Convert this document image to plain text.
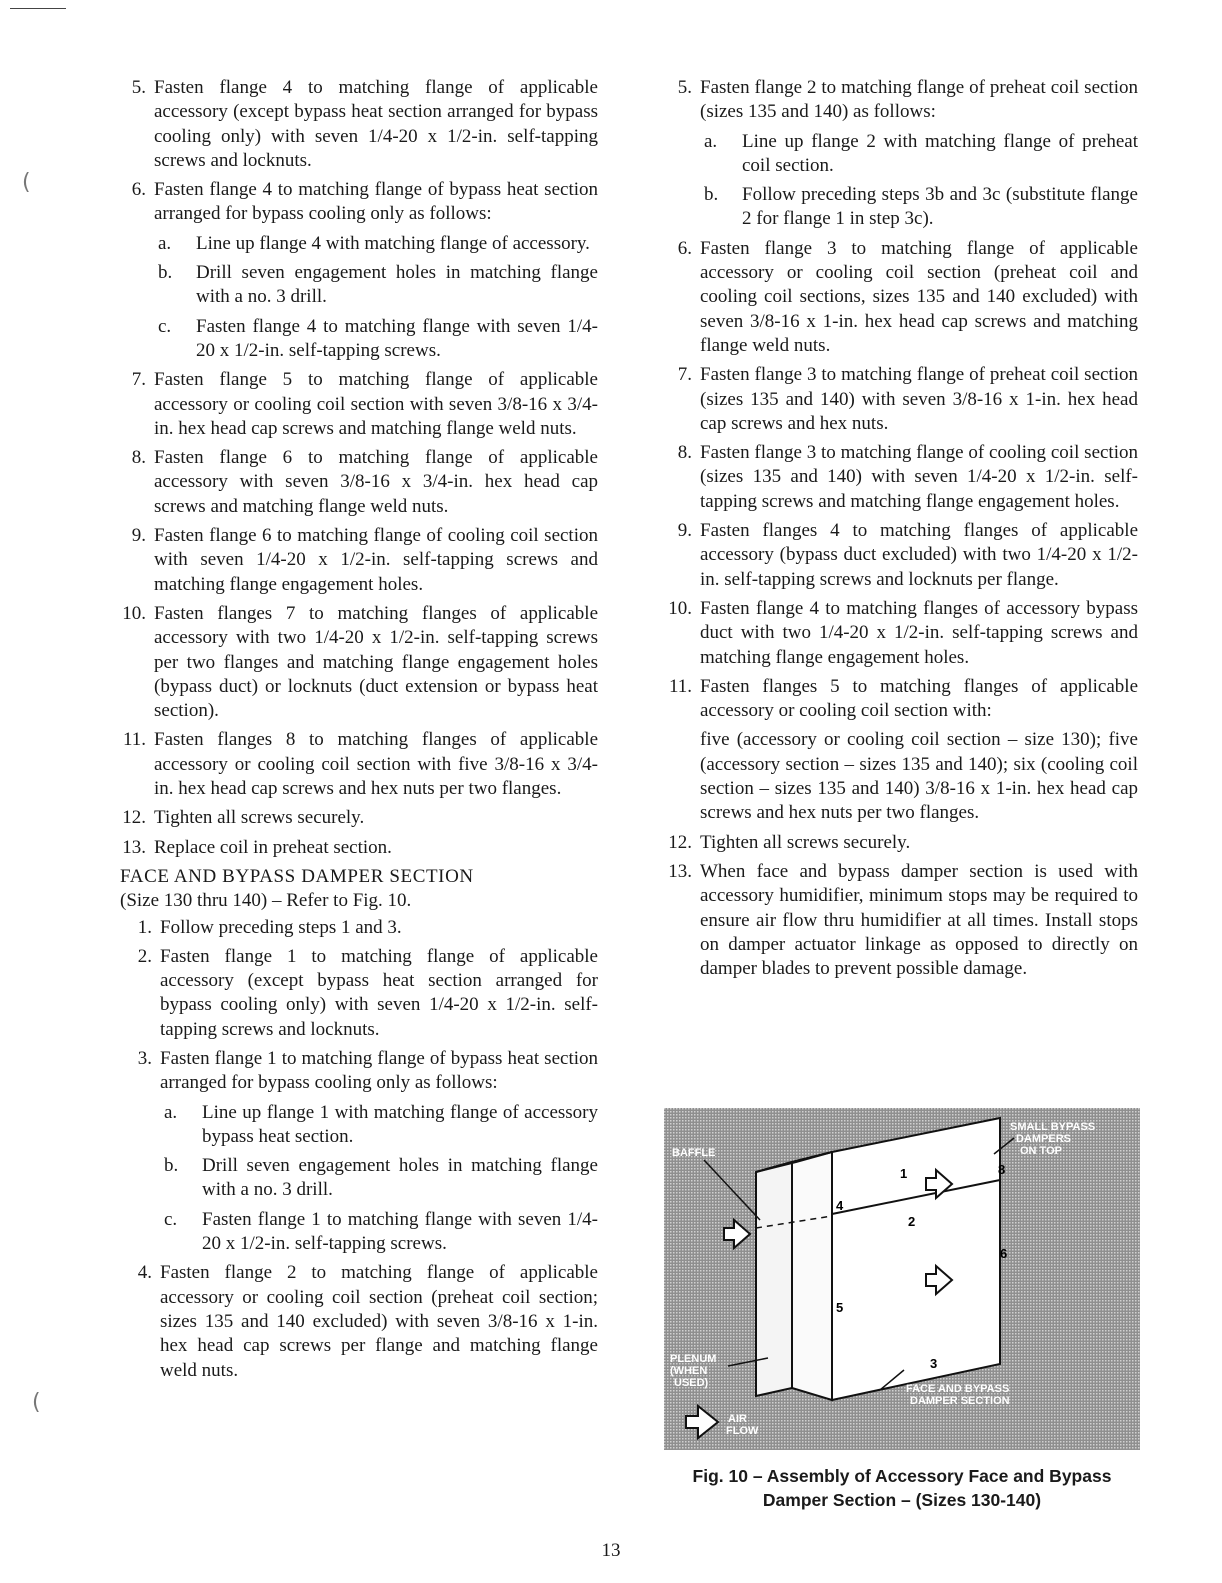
(
(
5. Fasten flange 4 to matching flange of applicable accessory (except bypass heat section arranged for bypass cooling only) with seven 1/4-20 x 1/2-in. self-tapping screws and locknuts.
6. Fasten flange 4 to matching flange of bypass heat section arranged for bypass cooling only as follows:
a.	Line up flange 4 with matching flange of accessory.
b.	Drill seven engagement holes in matching flange with a no. 3 drill.
c.	Fasten flange 4 to matching flange with seven 1/4-20 x 1/2-in. self-tapping screws.
7. Fasten flange 5 to matching flange of applicable accessory or cooling coil section with seven 3/8-16 x 3/4-in. hex head cap screws and matching flange weld nuts.
8. Fasten flange 6 to matching flange of applicable accessory with seven 3/8-16 x 3/4-in. hex head cap screws and matching flange weld nuts.
9. Fasten flange 6 to matching flange of cooling coil section with seven 1/4-20 x 1/2-in. self-tapping screws and matching flange engagement holes.
10. Fasten flanges 7 to matching flanges of applicable accessory with two 1/4-20 x 1/2-in. self-tapping screws per two flanges and matching flange engagement holes (bypass duct) or locknuts (duct extension or bypass heat section).
11. Fasten flanges 8 to matching flanges of applicable accessory or cooling coil section with five 3/8-16 x 3/4-in. hex head cap screws and hex nuts per two flanges.
12. Tighten all screws securely.
13. Replace coil in preheat section.
FACE AND BYPASS DAMPER SECTION
(Size 130 thru 140) – Refer to Fig. 10.
1. Follow preceding steps 1 and 3.
2. Fasten flange 1 to matching flange of applicable accessory (except bypass heat section arranged for bypass cooling only) with seven 1/4-20 x 1/2-in. self-tapping screws and locknuts.
3. Fasten flange 1 to matching flange of bypass heat section arranged for bypass cooling only as follows:
a.	Line up flange 1 with matching flange of accessory bypass heat section.
b.	Drill seven engagement holes in matching flange with a no. 3 drill.
c.	Fasten flange 1 to matching flange with seven 1/4-20 x 1/2-in. self-tapping screws.
4. Fasten flange 2 to matching flange of applicable accessory or cooling coil section (preheat coil section; sizes 135 and 140 excluded) with seven 3/8-16 x 1-in. hex head cap screws per flange and matching flange weld nuts.
5. Fasten flange 2 to matching flange of preheat coil section (sizes 135 and 140) as follows:
a.	Line up flange 2 with matching flange of preheat coil section.
b.	Follow preceding steps 3b and 3c (substitute flange 2 for flange 1 in step 3c).
6. Fasten flange 3 to matching flange of applicable accessory or cooling coil section (preheat coil and cooling coil sections, sizes 135 and 140 excluded) with seven 3/8-16 x 1-in. hex head cap screws and matching flange weld nuts.
7. Fasten flange 3 to matching flange of preheat coil section (sizes 135 and 140) with seven 3/8-16 x 1-in. hex head cap screws and hex nuts.
8. Fasten flange 3 to matching flange of cooling coil section (sizes 135 and 140) with seven 1/4-20 x 1/2-in. self-tapping screws and matching flange engagement holes.
9. Fasten flanges 4 to matching flanges of applicable accessory (bypass duct excluded) with two 1/4-20 x 1/2-in. self-tapping screws and locknuts per flange.
10. Fasten flange 4 to matching flanges of accessory bypass duct with two 1/4-20 x 1/2-in. self-tapping screws and matching flange engagement holes.
11. Fasten flanges 5 to matching flanges of applicable accessory or cooling coil section with:
five (accessory or cooling coil section – size 130); five (accessory section – sizes 135 and 140); six (cooling coil section – sizes 135 and 140) 3/8-16 x 1-in. hex head cap screws and hex nuts per two flanges.
12. Tighten all screws securely.
13. When face and bypass damper section is used with accessory humidifier, minimum stops may be required to ensure air flow thru humidifier at all times. Install stops on damper actuator linkage as opposed to directly on damper blades to prevent possible damage.
1
2
3
4
5
6
8
SMALL BYPASS
DAMPERS
ON TOP
BAFFLE
PLENUM
(WHEN
USED)	FACE AND BYPASS
DAMPER SECTION
AIR
FLOW
Fig. 10 – Assembly of Accessory Face and Bypass
Damper Section – (Sizes 130-140)
13
